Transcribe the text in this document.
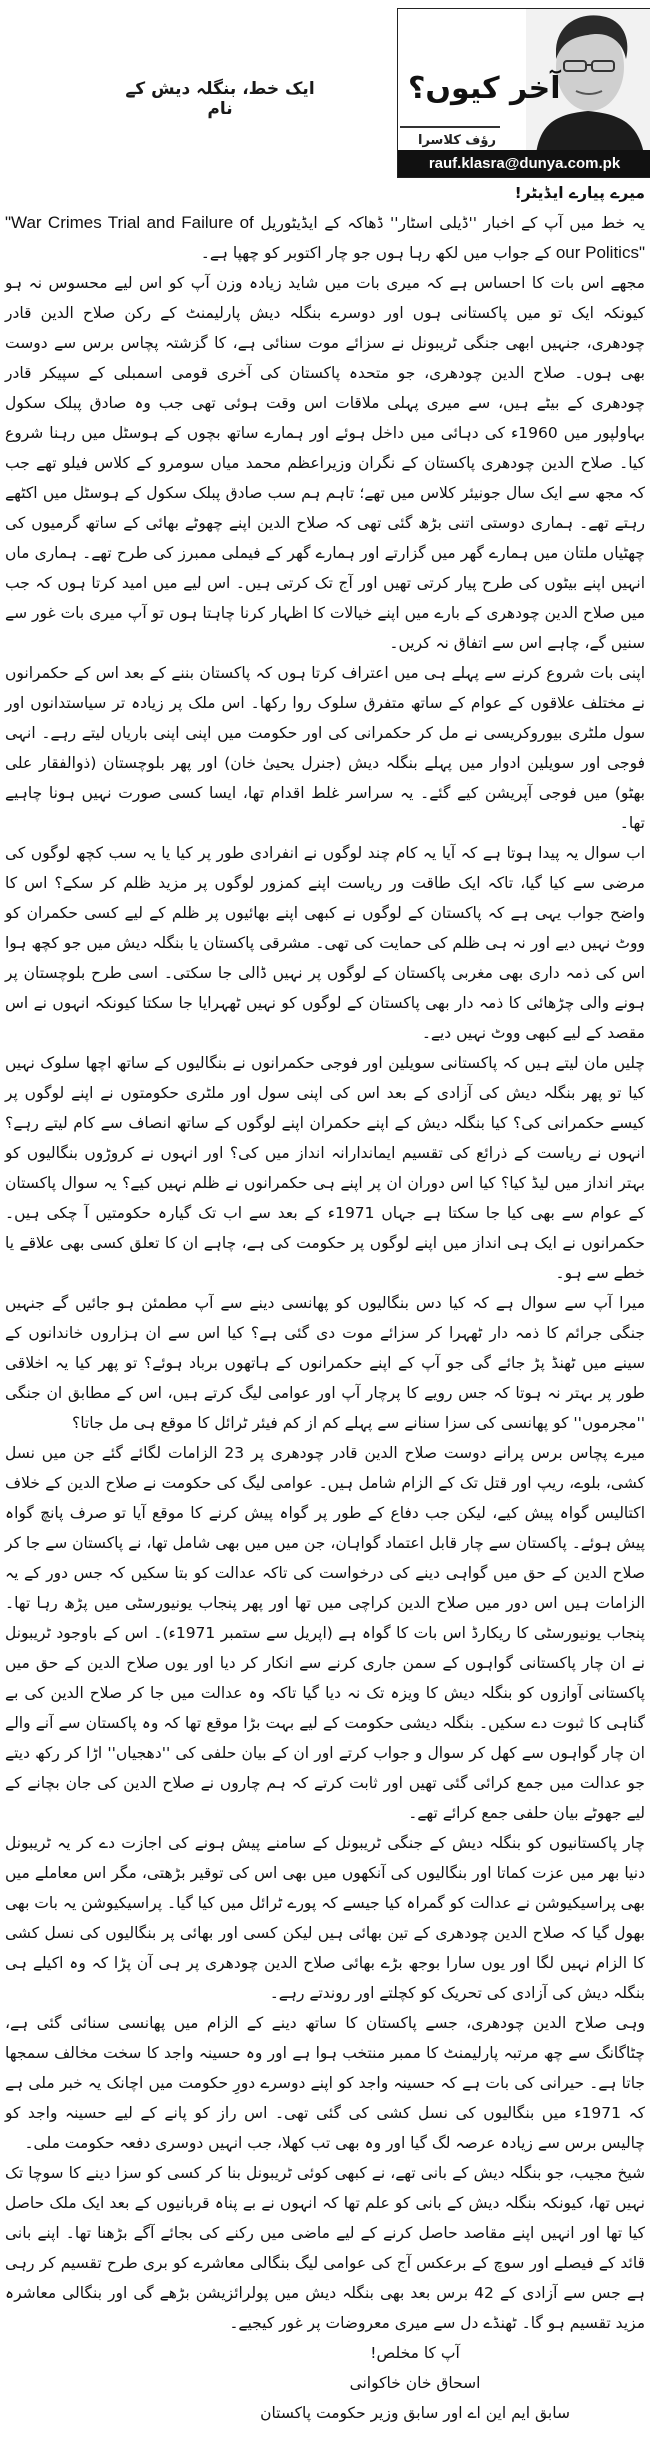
ایک خط، بنگلہ دیش کے نام
آخر کیوں؟
رؤف کلاسرا
rauf.klasra@dunya.com.pk

میرے پیارے ایڈیٹر!

یہ خط میں آپ کے اخبار ''ڈیلی اسٹار'' ڈھاکہ کے ایڈیٹوریل "War Crimes Trial and Failure of our Politics" کے جواب میں لکھ رہا ہوں جو چار اکتوبر کو چھپا ہے۔

مجھے اس بات کا احساس ہے کہ میری بات میں شاید زیادہ وزن آپ کو اس لیے محسوس نہ ہو کیونکہ ایک تو میں پاکستانی ہوں اور دوسرے بنگلہ دیش پارلیمنٹ کے رکن صلاح الدین قادر چودھری، جنہیں ابھی جنگی ٹریبونل نے سزائے موت سنائی ہے، کا گزشتہ پچاس برس سے دوست بھی ہوں۔ صلاح الدین چودھری، جو متحدہ پاکستان کی آخری قومی اسمبلی کے سپیکر قادر چودھری کے بیٹے ہیں، سے میری پہلی ملاقات اس وقت ہوئی تھی جب وہ صادق پبلک سکول بہاولپور میں 1960ء کی دہائی میں داخل ہوئے اور ہمارے ساتھ بچوں کے ہوسٹل میں رہنا شروع کیا۔ صلاح الدین چودھری پاکستان کے نگران وزیراعظم محمد میاں سومرو کے کلاس فیلو تھے جب کہ مجھ سے ایک سال جونیئر کلاس میں تھے؛ تاہم ہم سب صادق پبلک سکول کے ہوسٹل میں اکٹھے رہتے تھے۔ ہماری دوستی اتنی بڑھ گئی تھی کہ صلاح الدین اپنے چھوٹے بھائی کے ساتھ گرمیوں کی چھٹیاں ملتان میں ہمارے گھر میں گزارتے اور ہمارے گھر کے فیملی ممبرز کی طرح تھے۔ ہماری ماں انہیں اپنے بیٹوں کی طرح پیار کرتی تھیں اور آج تک کرتی ہیں۔ اس لیے میں امید کرتا ہوں کہ جب میں صلاح الدین چودھری کے بارے میں اپنے خیالات کا اظہار کرنا چاہتا ہوں تو آپ میری بات غور سے سنیں گے، چاہے اس سے اتفاق نہ کریں۔

اپنی بات شروع کرنے سے پہلے ہی میں اعتراف کرتا ہوں کہ پاکستان بننے کے بعد اس کے حکمرانوں نے مختلف علاقوں کے عوام کے ساتھ متفرق سلوک روا رکھا۔ اس ملک پر زیادہ تر سیاستدانوں اور سول ملٹری بیوروکریسی نے مل کر حکمرانی کی اور حکومت میں اپنی اپنی باریاں لیتے رہے۔ انہی فوجی اور سویلین ادوار میں پہلے بنگلہ دیش (جنرل یحییٰ خان) اور پھر بلوچستان (ذوالفقار علی بھٹو) میں فوجی آپریشن کیے گئے۔ یہ سراسر غلط اقدام تھا، ایسا کسی صورت نہیں ہونا چاہیے تھا۔

اب سوال یہ پیدا ہوتا ہے کہ آیا یہ کام چند لوگوں نے انفرادی طور پر کیا یا یہ سب کچھ لوگوں کی مرضی سے کیا گیا، تاکہ ایک طاقت ور ریاست اپنے کمزور لوگوں پر مزید ظلم کر سکے؟ اس کا واضح جواب یہی ہے کہ پاکستان کے لوگوں نے کبھی اپنے بھائیوں پر ظلم کے لیے کسی حکمران کو ووٹ نہیں دیے اور نہ ہی ظلم کی حمایت کی تھی۔ مشرقی پاکستان یا بنگلہ دیش میں جو کچھ ہوا اس کی ذمہ داری بھی مغربی پاکستان کے لوگوں پر نہیں ڈالی جا سکتی۔ اسی طرح بلوچستان پر ہونے والی چڑھائی کا ذمہ دار بھی پاکستان کے لوگوں کو نہیں ٹھہرایا جا سکتا کیونکہ انہوں نے اس مقصد کے لیے کبھی ووٹ نہیں دیے۔

چلیں مان لیتے ہیں کہ پاکستانی سویلین اور فوجی حکمرانوں نے بنگالیوں کے ساتھ اچھا سلوک نہیں کیا تو پھر بنگلہ دیش کی آزادی کے بعد اس کی اپنی سول اور ملٹری حکومتوں نے اپنے لوگوں پر کیسے حکمرانی کی؟ کیا بنگلہ دیش کے اپنے حکمران اپنے لوگوں کے ساتھ انصاف سے کام لیتے رہے؟ انہوں نے ریاست کے ذرائع کی تقسیم ایماندارانہ انداز میں کی؟ اور انہوں نے کروڑوں بنگالیوں کو بہتر انداز میں لیڈ کیا؟ کیا اس دوران ان پر اپنے ہی حکمرانوں نے ظلم نہیں کیے؟ یہ سوال پاکستان کے عوام سے بھی کیا جا سکتا ہے جہاں 1971ء کے بعد سے اب تک گیارہ حکومتیں آ چکی ہیں۔ حکمرانوں نے ایک ہی انداز میں اپنے لوگوں پر حکومت کی ہے، چاہے ان کا تعلق کسی بھی علاقے یا خطے سے ہو۔

میرا آپ سے سوال ہے کہ کیا دس بنگالیوں کو پھانسی دینے سے آپ مطمئن ہو جائیں گے جنہیں جنگی جرائم کا ذمہ دار ٹھہرا کر سزائے موت دی گئی ہے؟ کیا اس سے ان ہزاروں خاندانوں کے سینے میں ٹھنڈ پڑ جائے گی جو آپ کے اپنے حکمرانوں کے ہاتھوں برباد ہوئے؟ تو پھر کیا یہ اخلاقی طور پر بہتر نہ ہوتا کہ جس رویے کا پرچار آپ اور عوامی لیگ کرتے ہیں، اس کے مطابق ان جنگی ''مجرموں'' کو پھانسی کی سزا سنانے سے پہلے کم از کم فیئر ٹرائل کا موقع ہی مل جاتا؟

میرے پچاس برس پرانے دوست صلاح الدین قادر چودھری پر 23 الزامات لگائے گئے جن میں نسل کشی، بلوے، ریپ اور قتل تک کے الزام شامل ہیں۔ عوامی لیگ کی حکومت نے صلاح الدین کے خلاف اکتالیس گواہ پیش کیے، لیکن جب دفاع کے طور پر گواہ پیش کرنے کا موقع آیا تو صرف پانچ گواہ پیش ہوئے۔ پاکستان سے چار قابل اعتماد گواہان، جن میں میں بھی شامل تھا، نے پاکستان سے جا کر صلاح الدین کے حق میں گواہی دینے کی درخواست کی تاکہ عدالت کو بتا سکیں کہ جس دور کے یہ الزامات ہیں اس دور میں صلاح الدین کراچی میں تھا اور پھر پنجاب یونیورسٹی میں پڑھ رہا تھا۔ پنجاب یونیورسٹی کا ریکارڈ اس بات کا گواہ ہے (اپریل سے ستمبر 1971ء)۔ اس کے باوجود ٹریبونل نے ان چار پاکستانی گواہوں کے سمن جاری کرنے سے انکار کر دیا اور یوں صلاح الدین کے حق میں پاکستانی آوازوں کو بنگلہ دیش کا ویزہ تک نہ دیا گیا تاکہ وہ عدالت میں جا کر صلاح الدین کی بے گناہی کا ثبوت دے سکیں۔ بنگلہ دیشی حکومت کے لیے بہت بڑا موقع تھا کہ وہ پاکستان سے آنے والے ان چار گواہوں سے کھل کر سوال و جواب کرتے اور ان کے بیان حلفی کی ''دھجیاں'' اڑا کر رکھ دیتے جو عدالت میں جمع کرائی گئی تھیں اور ثابت کرتے کہ ہم چاروں نے صلاح الدین کی جان بچانے کے لیے جھوٹے بیان حلفی جمع کرائے تھے۔

چار پاکستانیوں کو بنگلہ دیش کے جنگی ٹریبونل کے سامنے پیش ہونے کی اجازت دے کر یہ ٹریبونل دنیا بھر میں عزت کماتا اور بنگالیوں کی آنکھوں میں بھی اس کی توقیر بڑھتی، مگر اس معاملے میں بھی پراسیکیوشن نے عدالت کو گمراہ کیا جیسے کہ پورے ٹرائل میں کیا گیا۔ پراسیکیوشن یہ بات بھی بھول گیا کہ صلاح الدین چودھری کے تین بھائی ہیں لیکن کسی اور بھائی پر بنگالیوں کی نسل کشی کا الزام نہیں لگا اور یوں سارا بوجھ بڑے بھائی صلاح الدین چودھری پر ہی آن پڑا کہ وہ اکیلے ہی بنگلہ دیش کی آزادی کی تحریک کو کچلتے اور روندتے رہے۔

وہی صلاح الدین چودھری، جسے پاکستان کا ساتھ دینے کے الزام میں پھانسی سنائی گئی ہے، چٹاگانگ سے چھ مرتبہ پارلیمنٹ کا ممبر منتخب ہوا ہے اور وہ حسینہ واجد کا سخت مخالف سمجھا جاتا ہے۔ حیرانی کی بات ہے کہ حسینہ واجد کو اپنے دوسرے دورِ حکومت میں اچانک یہ خبر ملی ہے کہ 1971ء میں بنگالیوں کی نسل کشی کی گئی تھی۔ اس راز کو پانے کے لیے حسینہ واجد کو چالیس برس سے زیادہ عرصہ لگ گیا اور وہ بھی تب کھلا، جب انہیں دوسری دفعہ حکومت ملی۔

شیخ مجیب، جو بنگلہ دیش کے بانی تھے، نے کبھی کوئی ٹریبونل بنا کر کسی کو سزا دینے کا سوچا تک نہیں تھا، کیونکہ بنگلہ دیش کے بانی کو علم تھا کہ انہوں نے بے پناہ قربانیوں کے بعد ایک ملک حاصل کیا تھا اور انہیں اپنے مقاصد حاصل کرنے کے لیے ماضی میں رکنے کی بجائے آگے بڑھنا تھا۔ اپنے بانی قائد کے فیصلے اور سوچ کے برعکس آج کی عوامی لیگ بنگالی معاشرے کو بری طرح تقسیم کر رہی ہے جس سے آزادی کے 42 برس بعد بھی بنگلہ دیش میں پولرائزیشن بڑھے گی اور بنگالی معاشرہ مزید تقسیم ہو گا۔ ٹھنڈے دل سے میری معروضات پر غور کیجیے۔

آپ کا مخلص!

اسحاق خان خاکوانی

سابق ایم این اے اور سابق وزیر حکومت پاکستان
